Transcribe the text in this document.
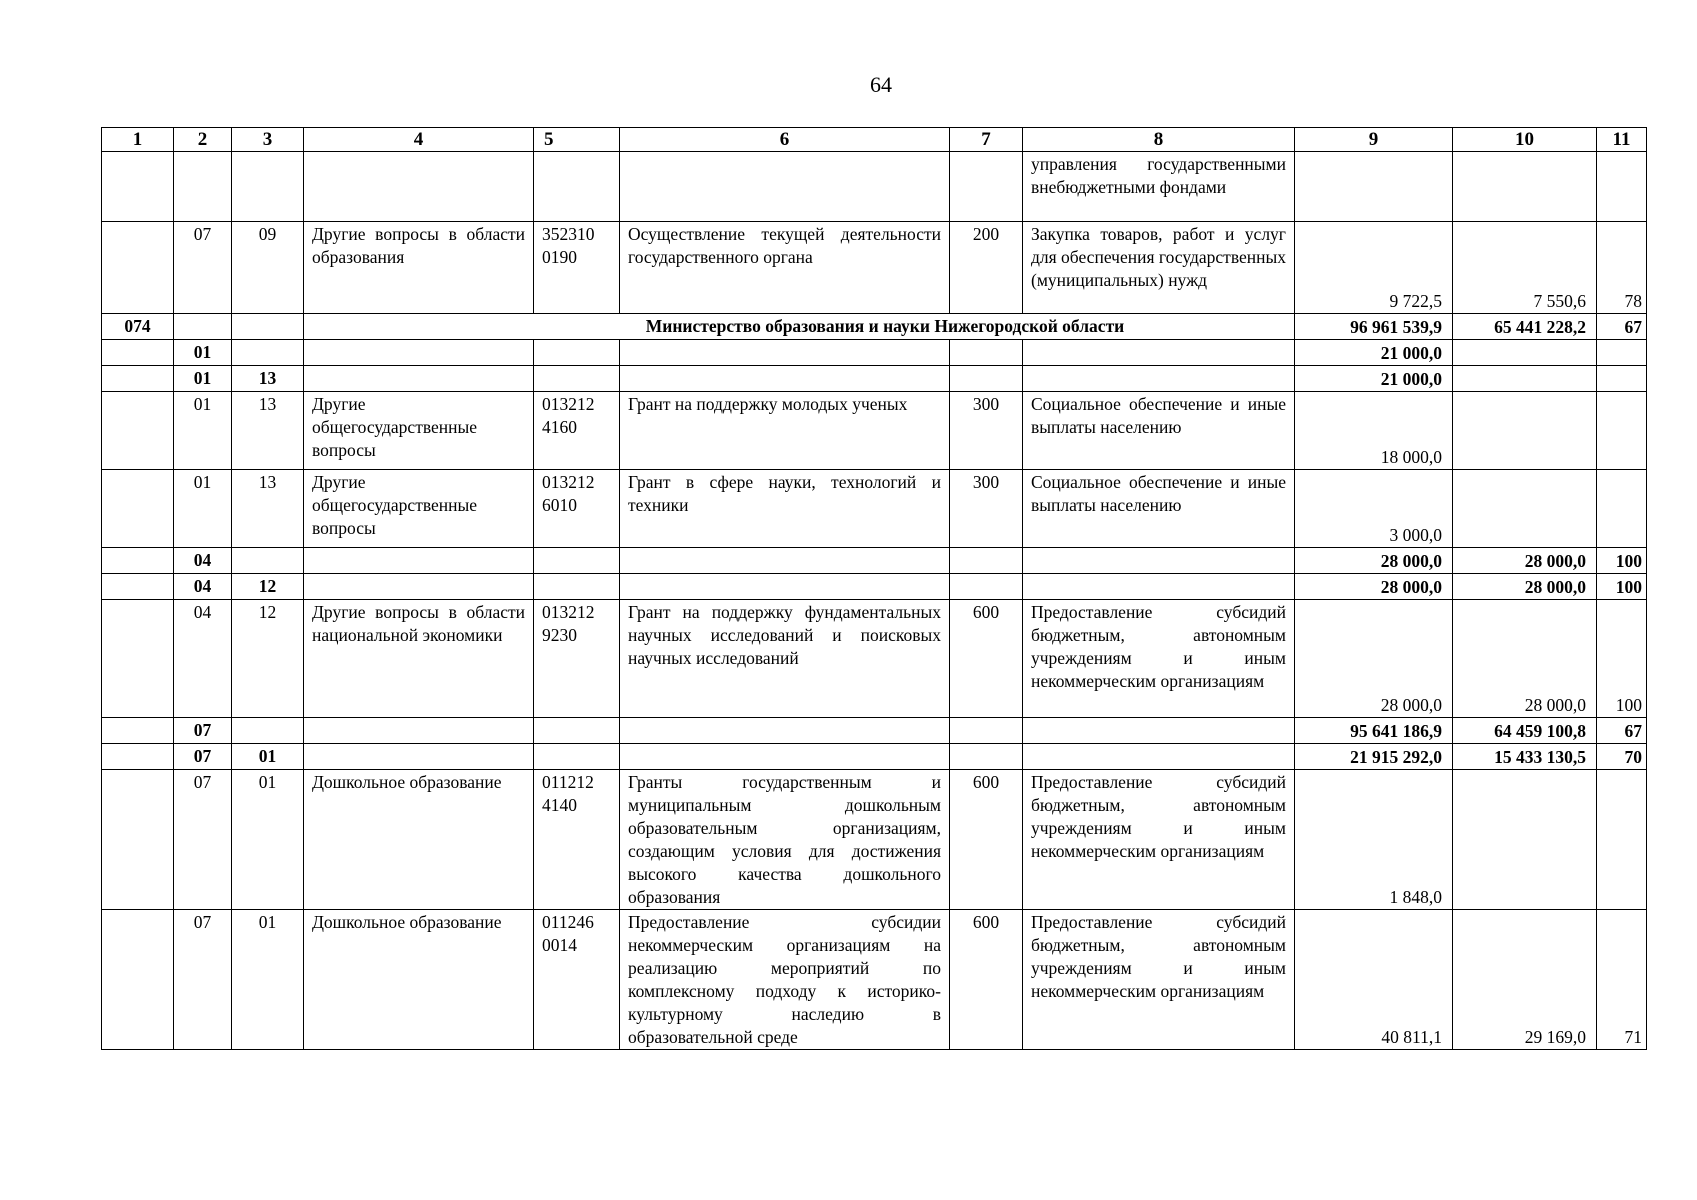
64
1	2	3	4	5	6	7	8	9	10	11
							управления государственными внебюджетными фондами			
	07	09	Другие вопросы в области образования	352310 0190	Осуществление текущей деятельности государственного органа	200	Закупка товаров, работ и услуг для обеспечения государственных (муниципальных) нужд	9 722,5	7 550,6	78
074			Министерство образования и науки Нижегородской области					96 961 539,9	65 441 228,2	67
	01							21 000,0		
	01	13						21 000,0		
	01	13	Другие общегосударственные вопросы	013212 4160	Грант на поддержку молодых ученых	300	Социальное обеспечение и иные выплаты населению	18 000,0		
	01	13	Другие общегосударственные вопросы	013212 6010	Грант в сфере науки, технологий и техники	300	Социальное обеспечение и иные выплаты населению	3 000,0		
	04							28 000,0	28 000,0	100
	04	12						28 000,0	28 000,0	100
	04	12	Другие вопросы в области национальной экономики	013212 9230	Грант на поддержку фундаментальных научных исследований и поисковых научных исследований	600	Предоставление субсидий бюджетным, автономным учреждениям и иным некоммерческим организациям	28 000,0	28 000,0	100
	07							95 641 186,9	64 459 100,8	67
	07	01						21 915 292,0	15 433 130,5	70
	07	01	Дошкольное образование	011212 4140	Гранты государственным и муниципальным дошкольным образовательным организациям, создающим условия для достижения высокого качества дошкольного образования	600	Предоставление субсидий бюджетным, автономным учреждениям и иным некоммерческим организациям	1 848,0		
	07	01	Дошкольное образование	011246 0014	Предоставление субсидии некоммерческим организациям на реализацию мероприятий по комплексному подходу к историко-культурному наследию в образовательной среде	600	Предоставление субсидий бюджетным, автономным учреждениям и иным некоммерческим организациям	40 811,1	29 169,0	71
